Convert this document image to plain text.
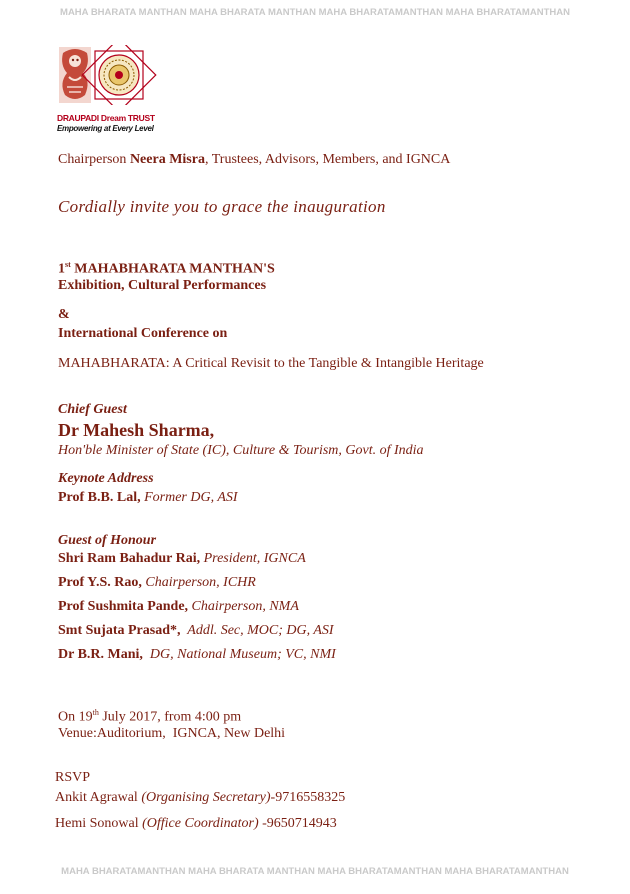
MAHA BHARATA MANTHAN MAHA BHARATA MANTHAN MAHA BHARATAMANTHAN MAHA BHARATAMANTHAN
DRAUPADI Dream TRUST
Empowering at Every Level
Chairperson Neera Misra, Trustees, Advisors, Members, and IGNCA
Cordially invite you to grace the inauguration
1st MAHABHARATA MANTHAN'S
Exhibition, Cultural Performances
&
International Conference on
MAHABHARATA: A Critical Revisit to the Tangible & Intangible Heritage
Chief Guest
Dr Mahesh Sharma,
Hon'ble Minister of State (IC), Culture & Tourism, Govt. of India
Keynote Address
Prof B.B. Lal, Former DG, ASI
Guest of Honour
Shri Ram Bahadur Rai, President, IGNCA
Prof Y.S. Rao, Chairperson, ICHR
Prof Sushmita Pande, Chairperson, NMA
Smt Sujata Prasad*,  Addl. Sec, MOC; DG, ASI
Dr B.R. Mani,  DG, National Museum; VC, NMI
On 19th July 2017, from 4:00 pm
Venue:Auditorium,  IGNCA, New Delhi
RSVP
Ankit Agrawal (Organising Secretary)-9716558325
Hemi Sonowal (Office Coordinator) -9650714943
MAHA BHARATAMANTHAN MAHA BHARATA MANTHAN MAHA BHARATAMANTHAN MAHA BHARATAMANTHAN
